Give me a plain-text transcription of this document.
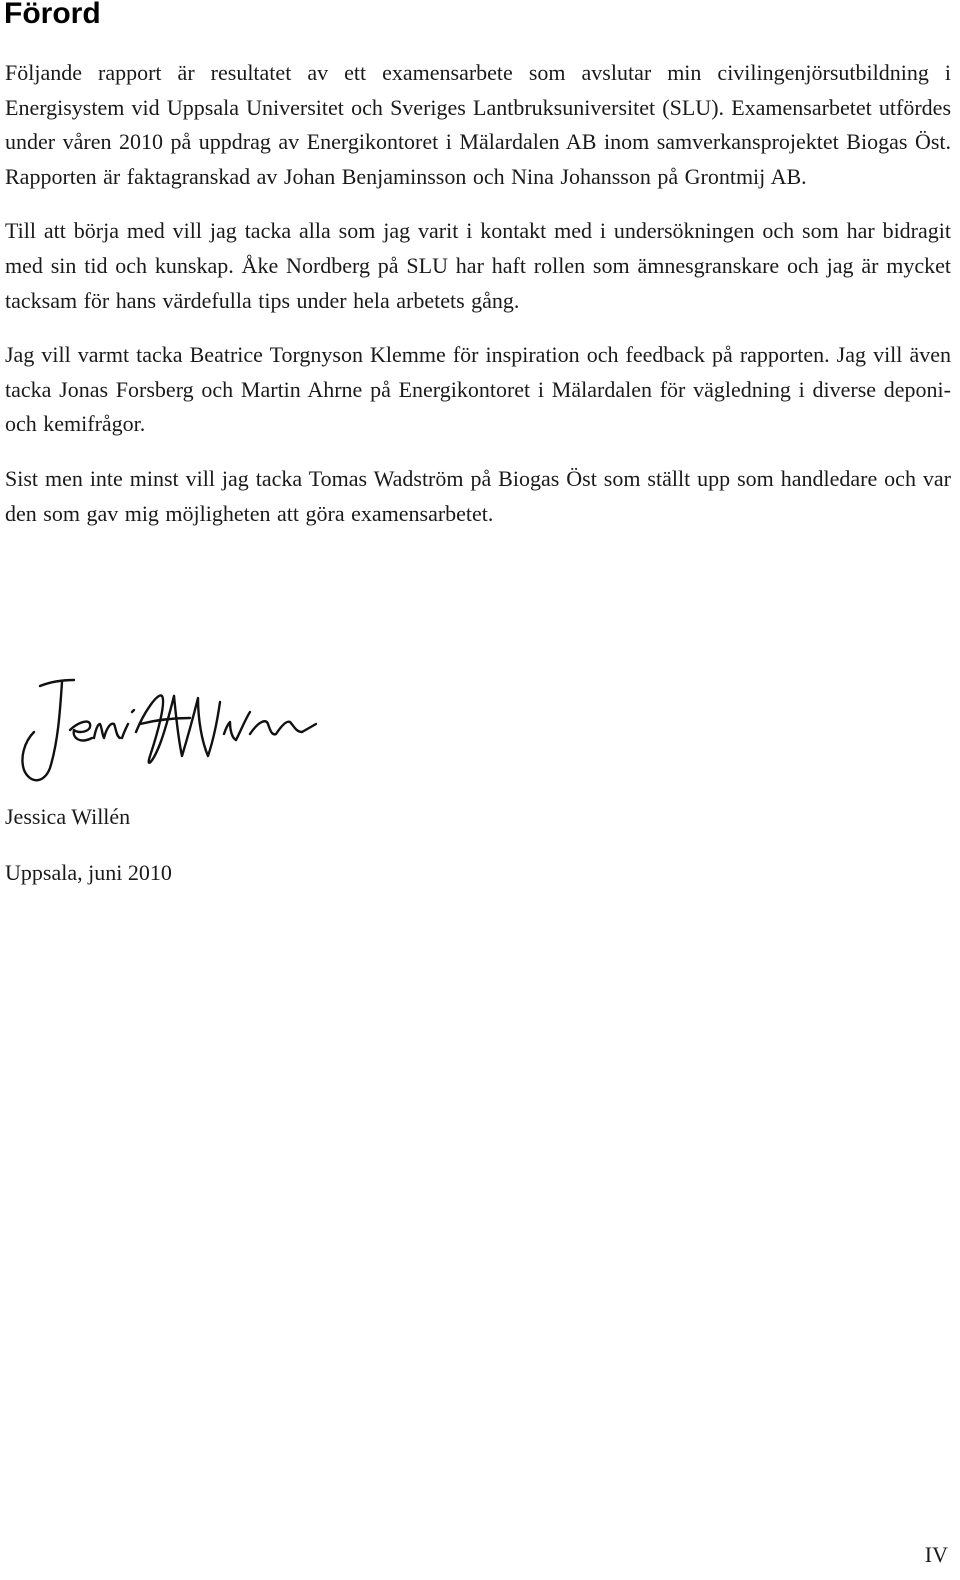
Förord

Följande rapport är resultatet av ett examensarbete som avslutar min civilingenjörsutbildning i Energisystem vid Uppsala Universitet och Sveriges Lantbruksuniversitet (SLU). Examensarbetet utfördes under våren 2010 på uppdrag av Energikontoret i Mälardalen AB inom samverkansprojektet Biogas Öst. Rapporten är faktagranskad av Johan Benjaminsson och Nina Johansson på Grontmij AB.

Till att börja med vill jag tacka alla som jag varit i kontakt med i undersökningen och som har bidragit med sin tid och kunskap. Åke Nordberg på SLU har haft rollen som ämnesgranskare och jag är mycket tacksam för hans värdefulla tips under hela arbetets gång.

Jag vill varmt tacka Beatrice Torgnyson Klemme för inspiration och feedback på rapporten. Jag vill även tacka Jonas Forsberg och Martin Ahrne på Energikontoret i Mälardalen för vägledning i diverse deponi- och kemifrågor.

Sist men inte minst vill jag tacka Tomas Wadström på Biogas Öst som ställt upp som handledare och var den som gav mig möjligheten att göra examensarbetet.

Jessica Willén

Uppsala, juni 2010

IV
